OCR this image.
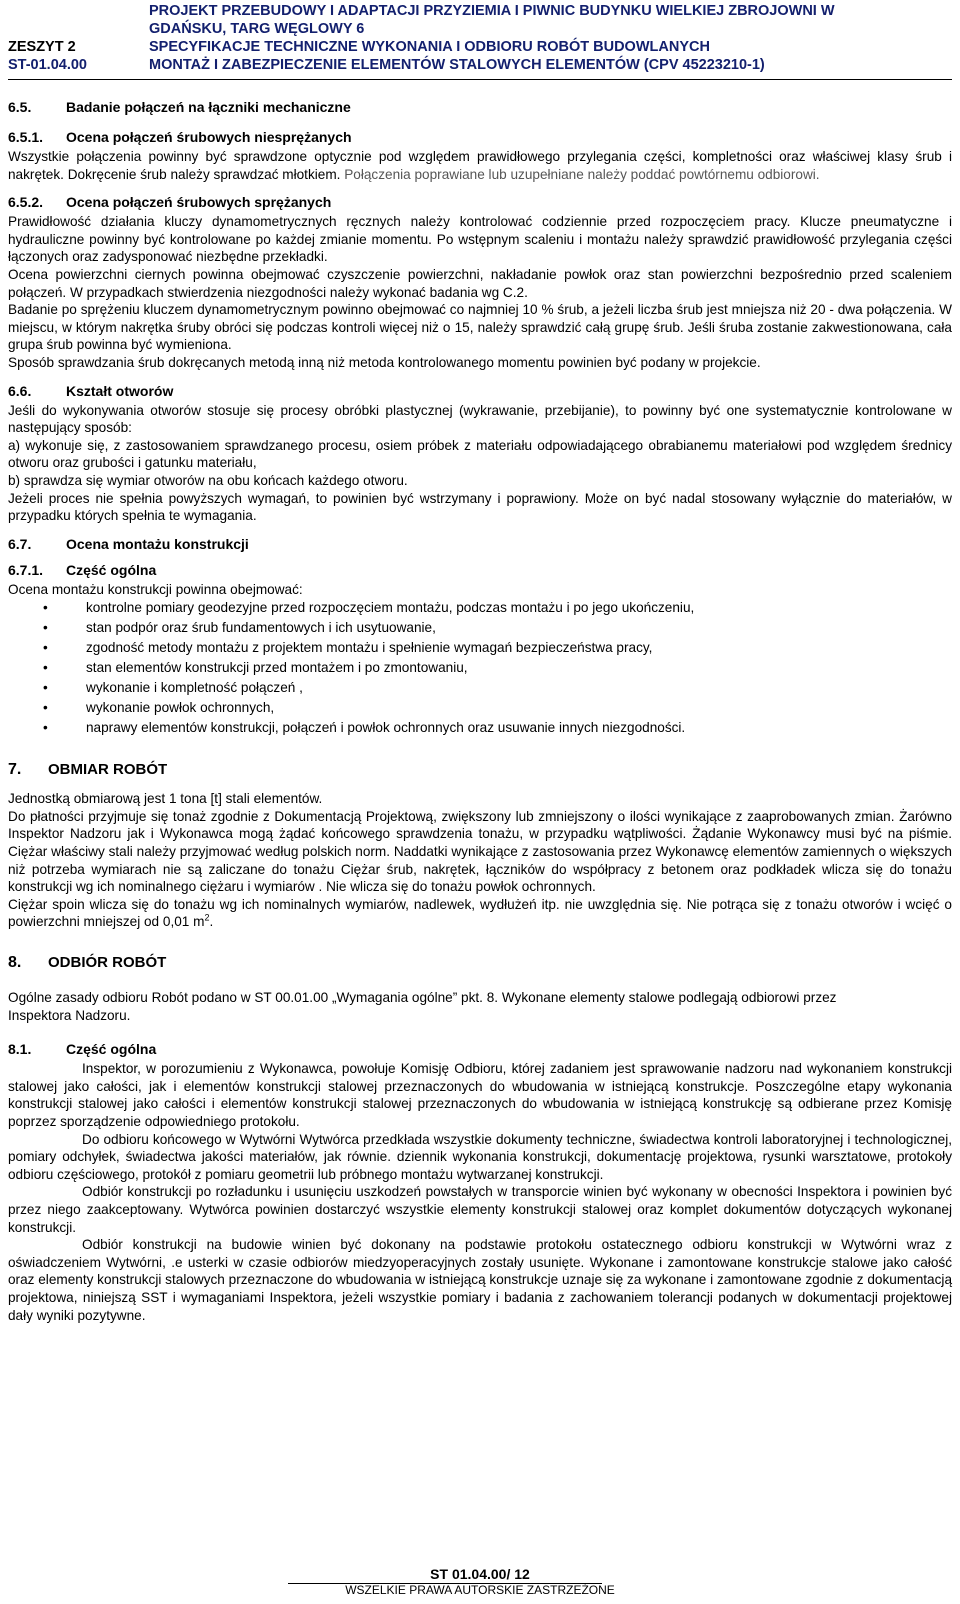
PROJEKT PRZEBUDOWY I ADAPTACJI PRZYZIEMIA I PIWNIC BUDYNKU WIELKIEJ ZBROJOWNI W
GDAŃSKU, TARG WĘGLOWY 6
ZESZYT 2	SPECYFIKACJE TECHNICZNE WYKONANIA I ODBIORU ROBÓT BUDOWLANYCH
ST-01.04.00	MONTAŻ I ZABEZPIECZENIE ELEMENTÓW STALOWYCH ELEMENTÓW (CPV 45223210-1)
6.5. Badanie połączeń na łączniki mechaniczne
6.5.1. Ocena połączeń śrubowych niesprężanych

Wszystkie połączenia powinny być sprawdzone optycznie pod względem prawidłowego przylegania części, kompletności oraz właściwej klasy śrub i nakrętek. Dokręcenie śrub należy sprawdzać młotkiem. Połączenia poprawiane lub uzupełniane należy poddać powtórnemu odbiorowi.

6.5.2. Ocena połączeń śrubowych sprężanych

Prawidłowość działania kluczy dynamometrycznych ręcznych należy kontrolować codziennie przed rozpoczęciem pracy. Klucze pneumatyczne i hydrauliczne powinny być kontrolowane po każdej zmianie momentu. Po wstępnym scaleniu i montażu należy sprawdzić prawidłowość przylegania części łączonych oraz zadysponować niezbędne przekładki.

Ocena powierzchni ciernych powinna obejmować czyszczenie powierzchni, nakładanie powłok oraz stan powierzchni bezpośrednio przed scaleniem połączeń. W przypadkach stwierdzenia niezgodności należy wykonać badania wg C.2.

Badanie po sprężeniu kluczem dynamometrycznym powinno obejmować co najmniej 10 % śrub, a jeżeli liczba śrub jest mniejsza niż 20 - dwa połączenia. W miejscu, w którym nakrętka śruby obróci się podczas kontroli więcej niż o 15, należy sprawdzić całą grupę śrub. Jeśli śruba zostanie zakwestionowana, cała grupa śrub powinna być wymieniona.

Sposób sprawdzania śrub dokręcanych metodą inną niż metoda kontrolowanego momentu powinien być podany w projekcie.

6.6. Kształt otworów

Jeśli do wykonywania otworów stosuje się procesy obróbki plastycznej (wykrawanie, przebijanie), to powinny być one systematycznie kontrolowane w następujący sposób:

a) wykonuje się, z zastosowaniem sprawdzanego procesu, osiem próbek z materiału odpowiadającego obrabianemu materiałowi pod względem średnicy otworu oraz grubości i gatunku materiału,

b) sprawdza się wymiar otworów na obu końcach każdego otworu.

Jeżeli proces nie spełnia powyższych wymagań, to powinien być wstrzymany i poprawiony. Może on być nadal stosowany wyłącznie do materiałów, w przypadku których spełnia te wymagania.

6.7. Ocena montażu konstrukcji
6.7.1. Część ogólna

Ocena montażu konstrukcji powinna obejmować:

•	kontrolne pomiary geodezyjne przed rozpoczęciem montażu, podczas montażu i po jego ukończeniu,
•	stan podpór oraz śrub fundamentowych i ich usytuowanie,
•	zgodność metody montażu z projektem montażu i spełnienie wymagań bezpieczeństwa pracy,
•	stan elementów konstrukcji przed montażem i po zmontowaniu,
•	wykonanie i kompletność połączeń ,
•	wykonanie powłok ochronnych,
•	naprawy elementów konstrukcji, połączeń i powłok ochronnych oraz usuwanie innych niezgodności.
7. OBMIAR ROBÓT

Jednostką obmiarową jest 1 tona [t] stali elementów.

Do płatności przyjmuje się tonaż zgodnie z Dokumentacją Projektową, zwiększony lub zmniejszony o ilości wynikające z zaaprobowanych zmian. Żarówno Inspektor Nadzoru jak i Wykonawca mogą żądać końcowego sprawdzenia tonażu, w przypadku wątpliwości. Żądanie Wykonawcy musi być na piśmie. Ciężar właściwy stali należy przyjmować według polskich norm. Naddatki wynikające z zastosowania przez Wykonawcę elementów zamiennych o większych niż potrzeba wymiarach nie są zaliczane do tonażu Ciężar śrub, nakrętek, łączników do współpracy z betonem oraz podkładek wlicza się do tonażu konstrukcji wg ich nominalnego ciężaru i wymiarów . Nie wlicza się do tonażu powłok ochronnych.

Ciężar spoin wlicza się do tonażu wg ich nominalnych wymiarów, nadlewek, wydłużeń itp. nie uwzględnia się. Nie potrąca się z tonażu otworów i wcięć o powierzchni mniejszej od 0,01 $m^2$.

8. ODBIÓR ROBÓT

Ogólne zasady odbioru Robót podano w ST 00.01.00 „Wymagania ogólne” pkt. 8. Wykonane elementy stalowe podlegają odbiorowi przez Inspektora Nadzoru.

8.1. Część ogólna

Inspektor, w porozumieniu z Wykonawca, powołuje Komisję Odbioru, której zadaniem jest sprawowanie nadzoru nad wykonaniem konstrukcji stalowej jako całości, jak i elementów konstrukcji stalowej przeznaczonych do wbudowania w istniejącą konstrukcje. Poszczególne etapy wykonania konstrukcji stalowej jako całości i elementów konstrukcji stalowej przeznaczonych do wbudowania w istniejącą konstrukcję są odbierane przez Komisję poprzez sporządzenie odpowiedniego protokołu.

Do odbioru końcowego w Wytwórni Wytwórca przedkłada wszystkie dokumenty techniczne, świadectwa kontroli laboratoryjnej i technologicznej, pomiary odchyłek, świadectwa jakości materiałów, jak równie. dziennik wykonania konstrukcji, dokumentację projektowa, rysunki warsztatowe, protokoły odbioru częściowego, protokół z pomiaru geometrii lub próbnego montażu wytwarzanej konstrukcji.

Odbiór konstrukcji po rozładunku i usunięciu uszkodzeń powstałych w transporcie winien być wykonany w obecności Inspektora i powinien być przez niego zaakceptowany. Wytwórca powinien dostarczyć wszystkie elementy konstrukcji stalowej oraz komplet dokumentów dotyczących wykonanej konstrukcji.

Odbiór konstrukcji na budowie winien być dokonany na podstawie protokołu ostatecznego odbioru konstrukcji w Wytwórni wraz z oświadczeniem Wytwórni, .e usterki w czasie odbiorów miedzyoperacyjnych zostały usunięte. Wykonane i zamontowane konstrukcje stalowe jako całość oraz elementy konstrukcji stalowych przeznaczone do wbudowania w istniejącą konstrukcje uznaje się za wykonane i zamontowane zgodnie z dokumentacją projektowa, niniejszą SST i wymaganiami Inspektora, jeżeli wszystkie pomiary i badania z zachowaniem tolerancji podanych w dokumentacji projektowej dały wyniki pozytywne.

ST 01.04.00/ 12
WSZELKIE PRAWA AUTORSKIE ZASTRZEŻONE
